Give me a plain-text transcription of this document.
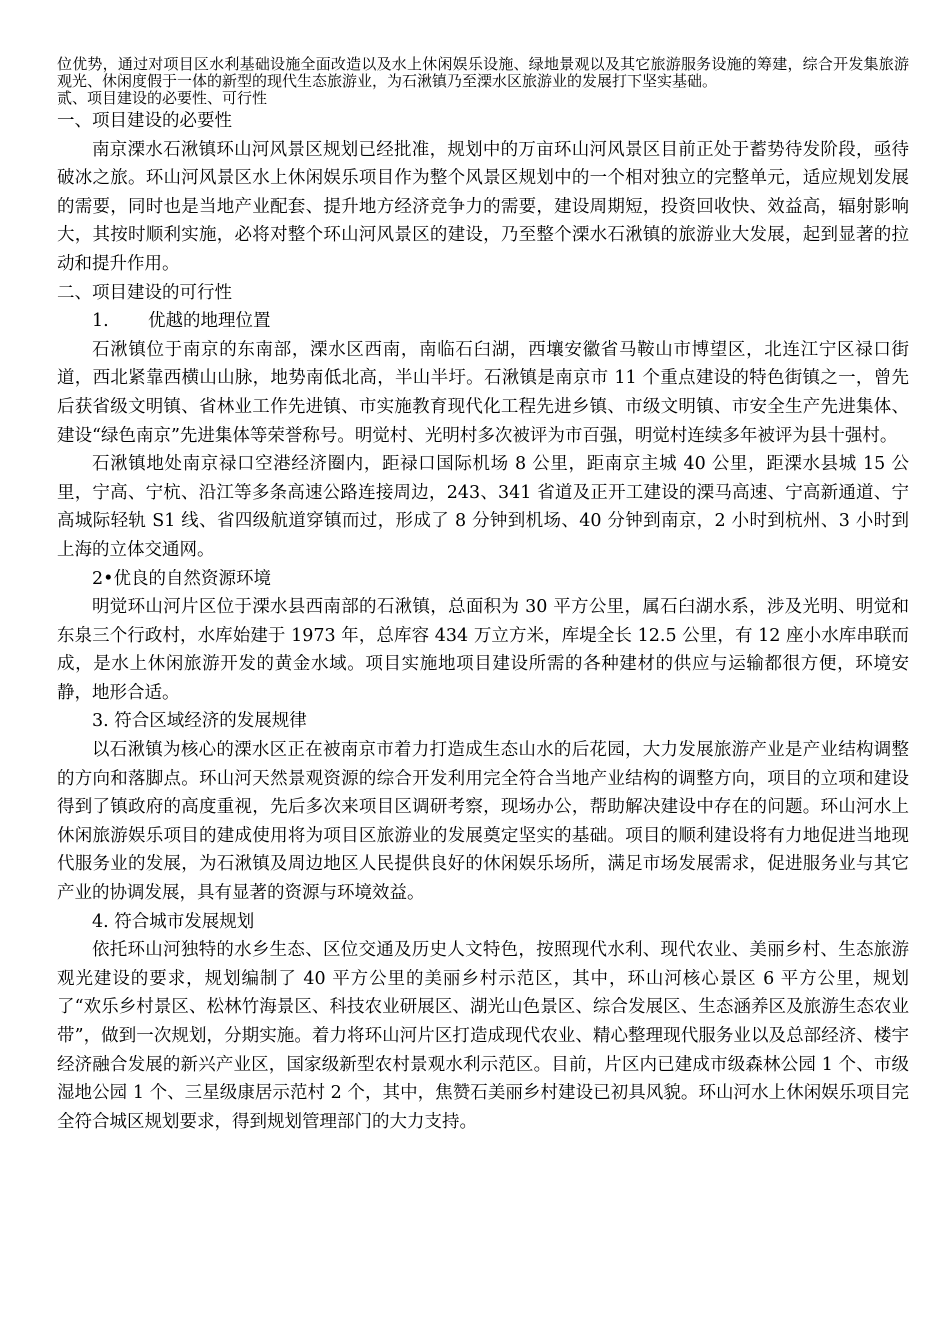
位优势，通过对项目区水利基础设施全面改造以及水上休闲娱乐设施、绿地景观以及其它旅游服务设施的筹建，综合开发集旅游观光、休闲度假于一体的新型的现代生态旅游业，为石湫镇乃至溧水区旅游业的发展打下坚实基础。

贰、项目建设的必要性、可行性

一、项目建设的必要性

南京溧水石湫镇环山河风景区规划已经批准，规划中的万亩环山河风景区目前正处于蓄势待发阶段，亟待破冰之旅。环山河风景区水上休闲娱乐项目作为整个风景区规划中的一个相对独立的完整单元，适应规划发展的需要，同时也是当地产业配套、提升地方经济竞争力的需要，建设周期短，投资回收快、效益高，辐射影响大，其按时顺利实施，必将对整个环山河风景区的建设，乃至整个溧水石湫镇的旅游业大发展，起到显著的拉动和提升作用。

二、项目建设的可行性

1. 优越的地理位置

石湫镇位于南京的东南部，溧水区西南，南临石臼湖，西壤安徽省马鞍山市博望区，北连江宁区禄口街道，西北紧靠西横山山脉，地势南低北高，半山半圩。石湫镇是南京市 11 个重点建设的特色街镇之一，曾先后获省级文明镇、省林业工作先进镇、市实施教育现代化工程先进乡镇、市级文明镇、市安全生产先进集体、建设“绿色南京”先进集体等荣誉称号。明觉村、光明村多次被评为市百强，明觉村连续多年被评为县十强村。

石湫镇地处南京禄口空港经济圈内，距禄口国际机场 8 公里，距南京主城 40 公里，距溧水县城 15 公里，宁高、宁杭、沿江等多条高速公路连接周边，243、341 省道及正开工建设的溧马高速、宁高新通道、宁高城际轻轨 S1 线、省四级航道穿镇而过，形成了 8 分钟到机场、40 分钟到南京，2 小时到杭州、3 小时到上海的立体交通网。

2•优良的自然资源环境

明觉环山河片区位于溧水县西南部的石湫镇，总面积为 30 平方公里，属石臼湖水系，涉及光明、明觉和东泉三个行政村，水库始建于 1973 年，总库容 434 万立方米，库堤全长 12.5 公里，有 12 座小水库串联而成，是水上休闲旅游开发的黄金水域。项目实施地项目建设所需的各种建材的供应与运输都很方便，环境安静，地形合适。

3. 符合区域经济的发展规律

以石湫镇为核心的溧水区正在被南京市着力打造成生态山水的后花园，大力发展旅游产业是产业结构调整的方向和落脚点。环山河天然景观资源的综合开发利用完全符合当地产业结构的调整方向，项目的立项和建设得到了镇政府的高度重视，先后多次来项目区调研考察，现场办公，帮助解决建设中存在的问题。环山河水上休闲旅游娱乐项目的建成使用将为项目区旅游业的发展奠定坚实的基础。项目的顺利建设将有力地促进当地现代服务业的发展，为石湫镇及周边地区人民提供良好的休闲娱乐场所，满足市场发展需求，促进服务业与其它产业的协调发展，具有显著的资源与环境效益。

4. 符合城市发展规划

依托环山河独特的水乡生态、区位交通及历史人文特色，按照现代水利、现代农业、美丽乡村、生态旅游观光建设的要求，规划编制了 40 平方公里的美丽乡村示范区，其中，环山河核心景区 6 平方公里，规划了“欢乐乡村景区、松林竹海景区、科技农业研展区、湖光山色景区、综合发展区、生态涵养区及旅游生态农业带”，做到一次规划，分期实施。着力将环山河片区打造成现代农业、精心整理现代服务业以及总部经济、楼宇经济融合发展的新兴产业区，国家级新型农村景观水利示范区。目前，片区内已建成市级森林公园 1 个、市级湿地公园 1 个、三星级康居示范村 2 个，其中，焦赞石美丽乡村建设已初具风貌。环山河水上休闲娱乐项目完全符合城区规划要求，得到规划管理部门的大力支持。
